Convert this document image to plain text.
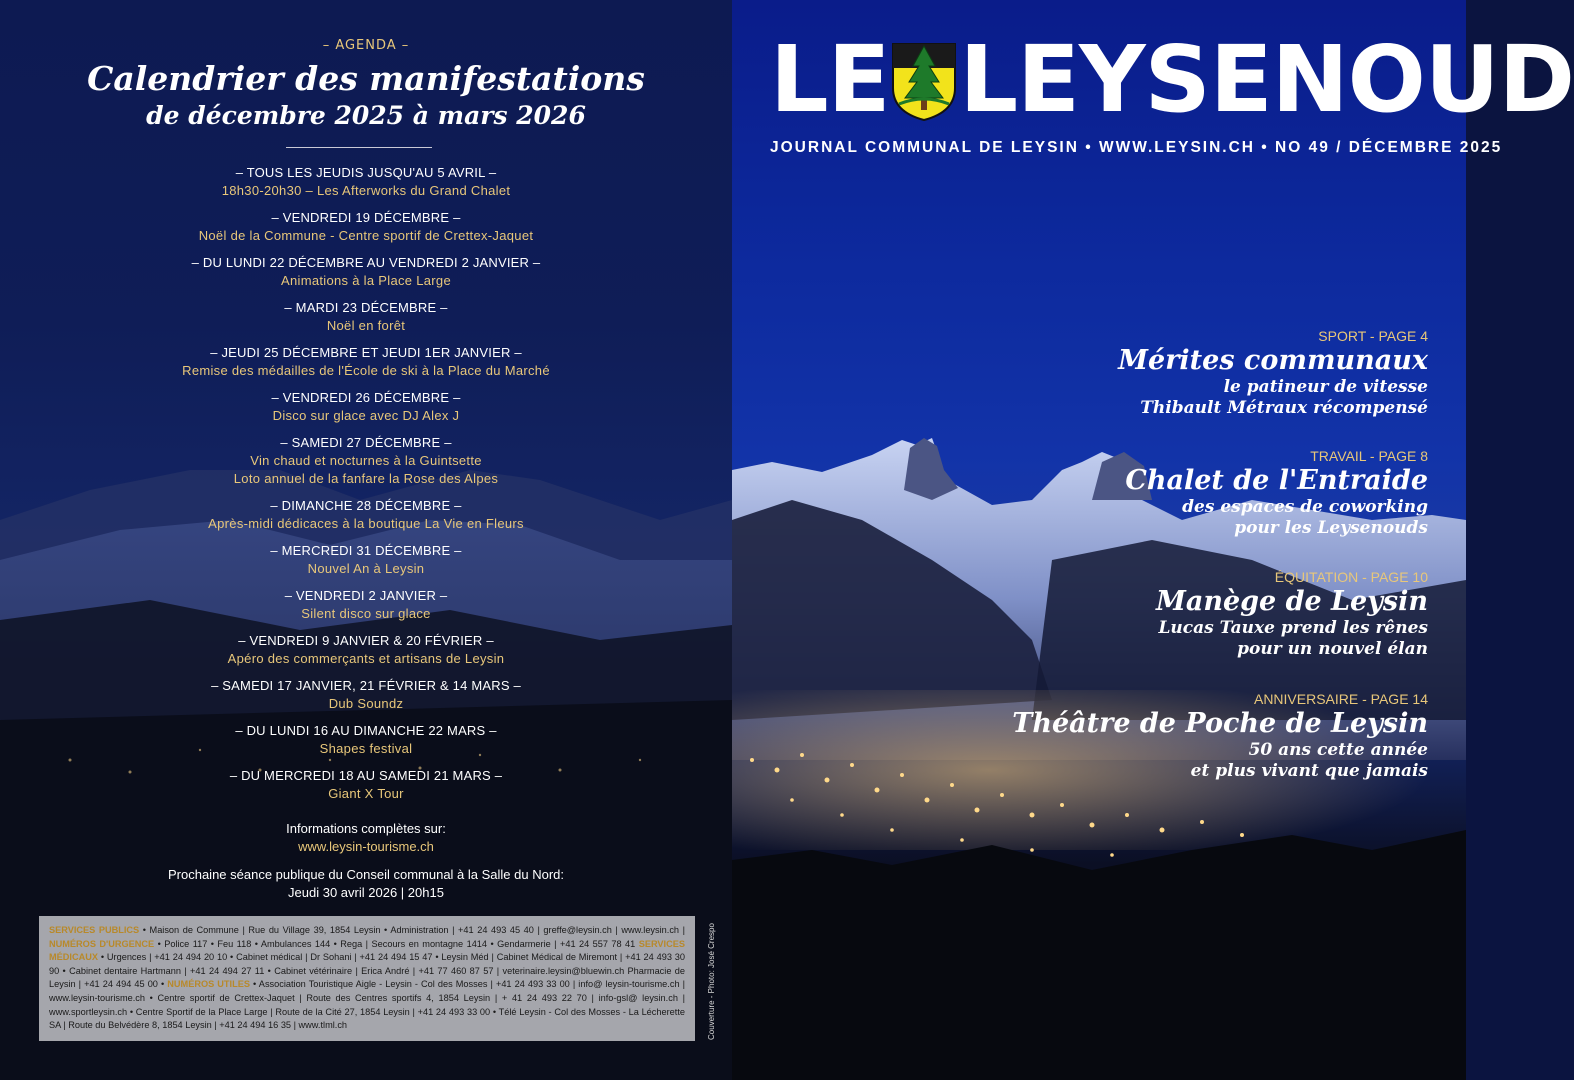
– AGENDA –
Calendrier des manifestations
de décembre 2025 à mars 2026
– TOUS LES JEUDIS JUSQU'AU 5 AVRIL –
18h30-20h30 – Les Afterworks du Grand Chalet
– VENDREDI 19 DÉCEMBRE –
Noël de la Commune - Centre sportif de Crettex-Jaquet
– DU LUNDI 22 DÉCEMBRE AU VENDREDI 2 JANVIER –
Animations à la Place Large
– MARDI 23 DÉCEMBRE –
Noël en forêt
– JEUDI 25 DÉCEMBRE ET JEUDI 1ER JANVIER –
Remise des médailles de l'École de ski à la Place du Marché
– VENDREDI 26 DÉCEMBRE –
Disco sur glace avec DJ Alex J
– SAMEDI 27 DÉCEMBRE –
Vin chaud et nocturnes à la Guintsette
Loto annuel de la fanfare la Rose des Alpes
– DIMANCHE 28 DÉCEMBRE –
Après-midi dédicaces à la boutique La Vie en Fleurs
– MERCREDI 31 DÉCEMBRE –
Nouvel An à Leysin
– VENDREDI 2 JANVIER –
Silent disco sur glace
– VENDREDI 9 JANVIER & 20 FÉVRIER –
Apéro des commerçants et artisans de Leysin
– SAMEDI 17 JANVIER, 21 FÉVRIER & 14 MARS –
Dub Soundz
– DU LUNDI 16 AU DIMANCHE 22 MARS –
Shapes festival
– DU MERCREDI 18 AU SAMEDI 21 MARS –
Giant X Tour
Informations complètes sur:
www.leysin-tourisme.ch
Prochaine séance publique du Conseil communal à la Salle du Nord:
Jeudi 30 avril 2026 | 20h15
SERVICES PUBLICS • Maison de Commune | Rue du Village 39, 1854 Leysin • Administration | +41 24 493 45 40 | greffe@leysin.ch | www.leysin.ch | NUMÉROS D'URGENCE • Police 117 • Feu 118 • Ambulances 144 • Rega | Secours en montagne 1414 • Gendarmerie | +41 24 557 78 41 SERVICES MÉDICAUX • Urgences | +41 24 494 20 10 • Cabinet médical | Dr Sohani | +41 24 494 15 47 • Leysin Méd | Cabinet Médical de Miremont | +41 24 493 30 90 • Cabinet dentaire Hartmann | +41 24 494 27 11 • Cabinet vétérinaire | Erica André | +41 77 460 87 57 | veterinaire.leysin@bluewin.ch Pharmacie de Leysin | +41 24 494 45 00 • NUMÉROS UTILES • Association Touristique Aigle - Leysin - Col des Mosses | +41 24 493 33 00 | info@ leysin-tourisme.ch | www.leysin-tourisme.ch • Centre sportif de Crettex-Jaquet | Route des Centres sportifs 4, 1854 Leysin | + 41 24 493 22 70 | info-gsl@ leysin.ch | www.sportleysin.ch • Centre Sportif de la Place Large | Route de la Cité 27, 1854 Leysin | +41 24 493 33 00 • Télé Leysin - Col des Mosses - La Lécherette SA | Route du Belvédère 8, 1854 Leysin | +41 24 494 16 35 | www.tlml.ch	Couverture - Photo: José Crespo
LE LEYSENOUD
JOURNAL COMMUNAL DE LEYSIN • WWW.LEYSIN.CH • NO 49 / DÉCEMBRE 2025
SPORT - PAGE 4
Mérites communaux
le patineur de vitesse
Thibault Métraux récompensé
TRAVAIL - PAGE 8
Chalet de l'Entraide
des espaces de coworking
pour les Leysenouds
ÉQUITATION - PAGE 10
Manège de Leysin
Lucas Tauxe prend les rênes
pour un nouvel élan
ANNIVERSAIRE - PAGE 14
Théâtre de Poche de Leysin
50 ans cette année
et plus vivant que jamais
